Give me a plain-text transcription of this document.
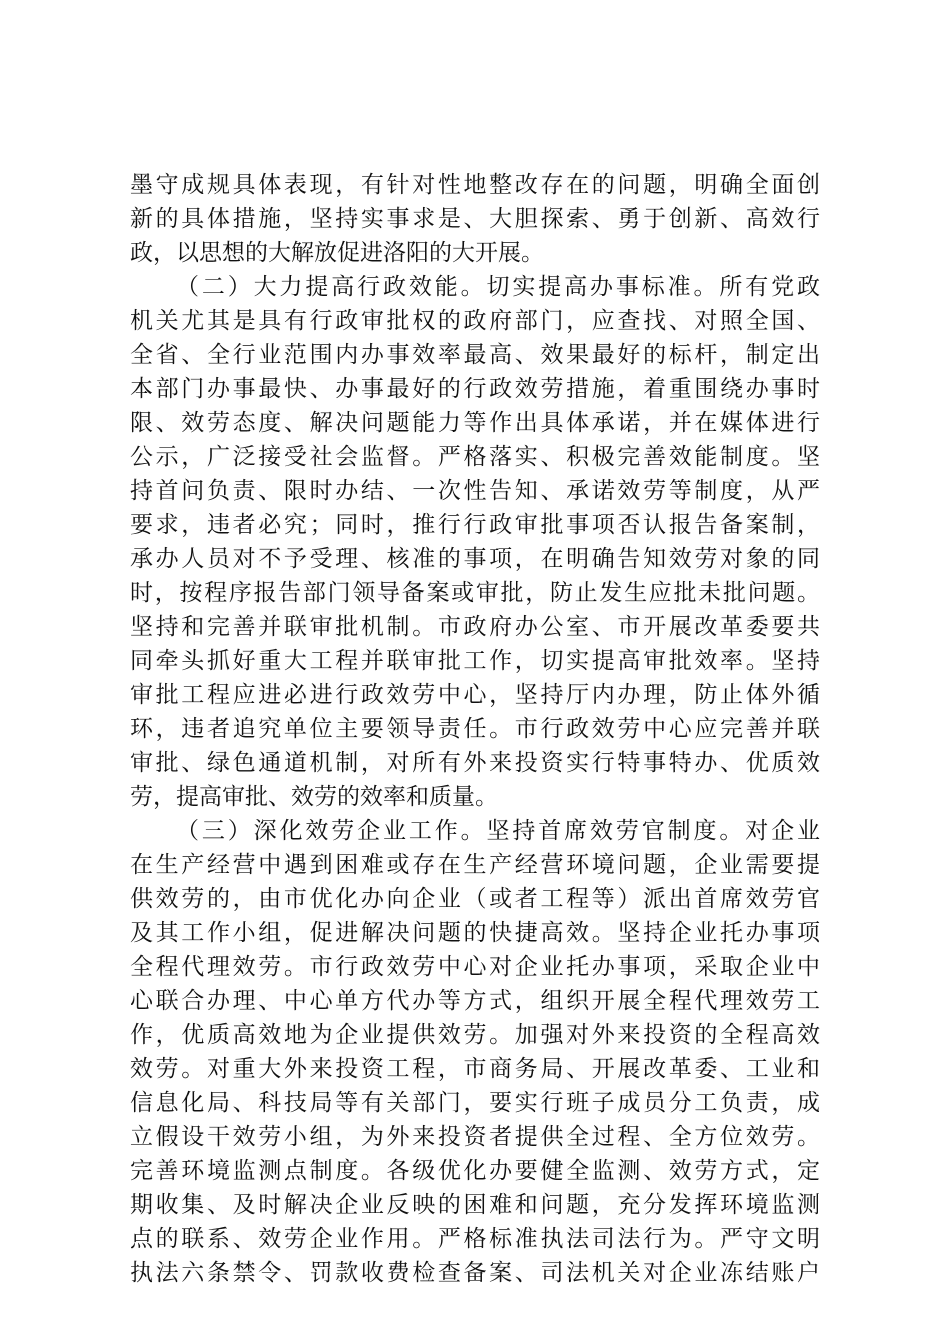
墨守成规具体表现，有针对性地整改存在的问题，明确全面创
新的具体措施，坚持实事求是、大胆探索、勇于创新、高效行
政，以思想的大解放促进洛阳的大开展。
（二）大力提高行政效能。切实提高办事标准。所有党政
机关尤其是具有行政审批权的政府部门，应查找、对照全国、
全省、全行业范围内办事效率最高、效果最好的标杆，制定出
本部门办事最快、办事最好的行政效劳措施，着重围绕办事时
限、效劳态度、解决问题能力等作出具体承诺，并在媒体进行
公示，广泛接受社会监督。严格落实、积极完善效能制度。坚
持首问负责、限时办结、一次性告知、承诺效劳等制度，从严
要求，违者必究；同时，推行行政审批事项否认报告备案制，
承办人员对不予受理、核准的事项，在明确告知效劳对象的同
时，按程序报告部门领导备案或审批，防止发生应批未批问题。
坚持和完善并联审批机制。市政府办公室、市开展改革委要共
同牵头抓好重大工程并联审批工作，切实提高审批效率。坚持
审批工程应进必进行政效劳中心，坚持厅内办理，防止体外循
环，违者追究单位主要领导责任。市行政效劳中心应完善并联
审批、绿色通道机制，对所有外来投资实行特事特办、优质效
劳，提高审批、效劳的效率和质量。
（三）深化效劳企业工作。坚持首席效劳官制度。对企业
在生产经营中遇到困难或存在生产经营环境问题，企业需要提
供效劳的，由市优化办向企业（或者工程等）派出首席效劳官
及其工作小组，促进解决问题的快捷高效。坚持企业托办事项
全程代理效劳。市行政效劳中心对企业托办事项，采取企业中
心联合办理、中心单方代办等方式，组织开展全程代理效劳工
作，优质高效地为企业提供效劳。加强对外来投资的全程高效
效劳。对重大外来投资工程，市商务局、开展改革委、工业和
信息化局、科技局等有关部门，要实行班子成员分工负责，成
立假设干效劳小组，为外来投资者提供全过程、全方位效劳。
完善环境监测点制度。各级优化办要健全监测、效劳方式，定
期收集、及时解决企业反映的困难和问题，充分发挥环境监测
点的联系、效劳企业作用。严格标准执法司法行为。严守文明
执法六条禁令、罚款收费检查备案、司法机关对企业冻结账户
